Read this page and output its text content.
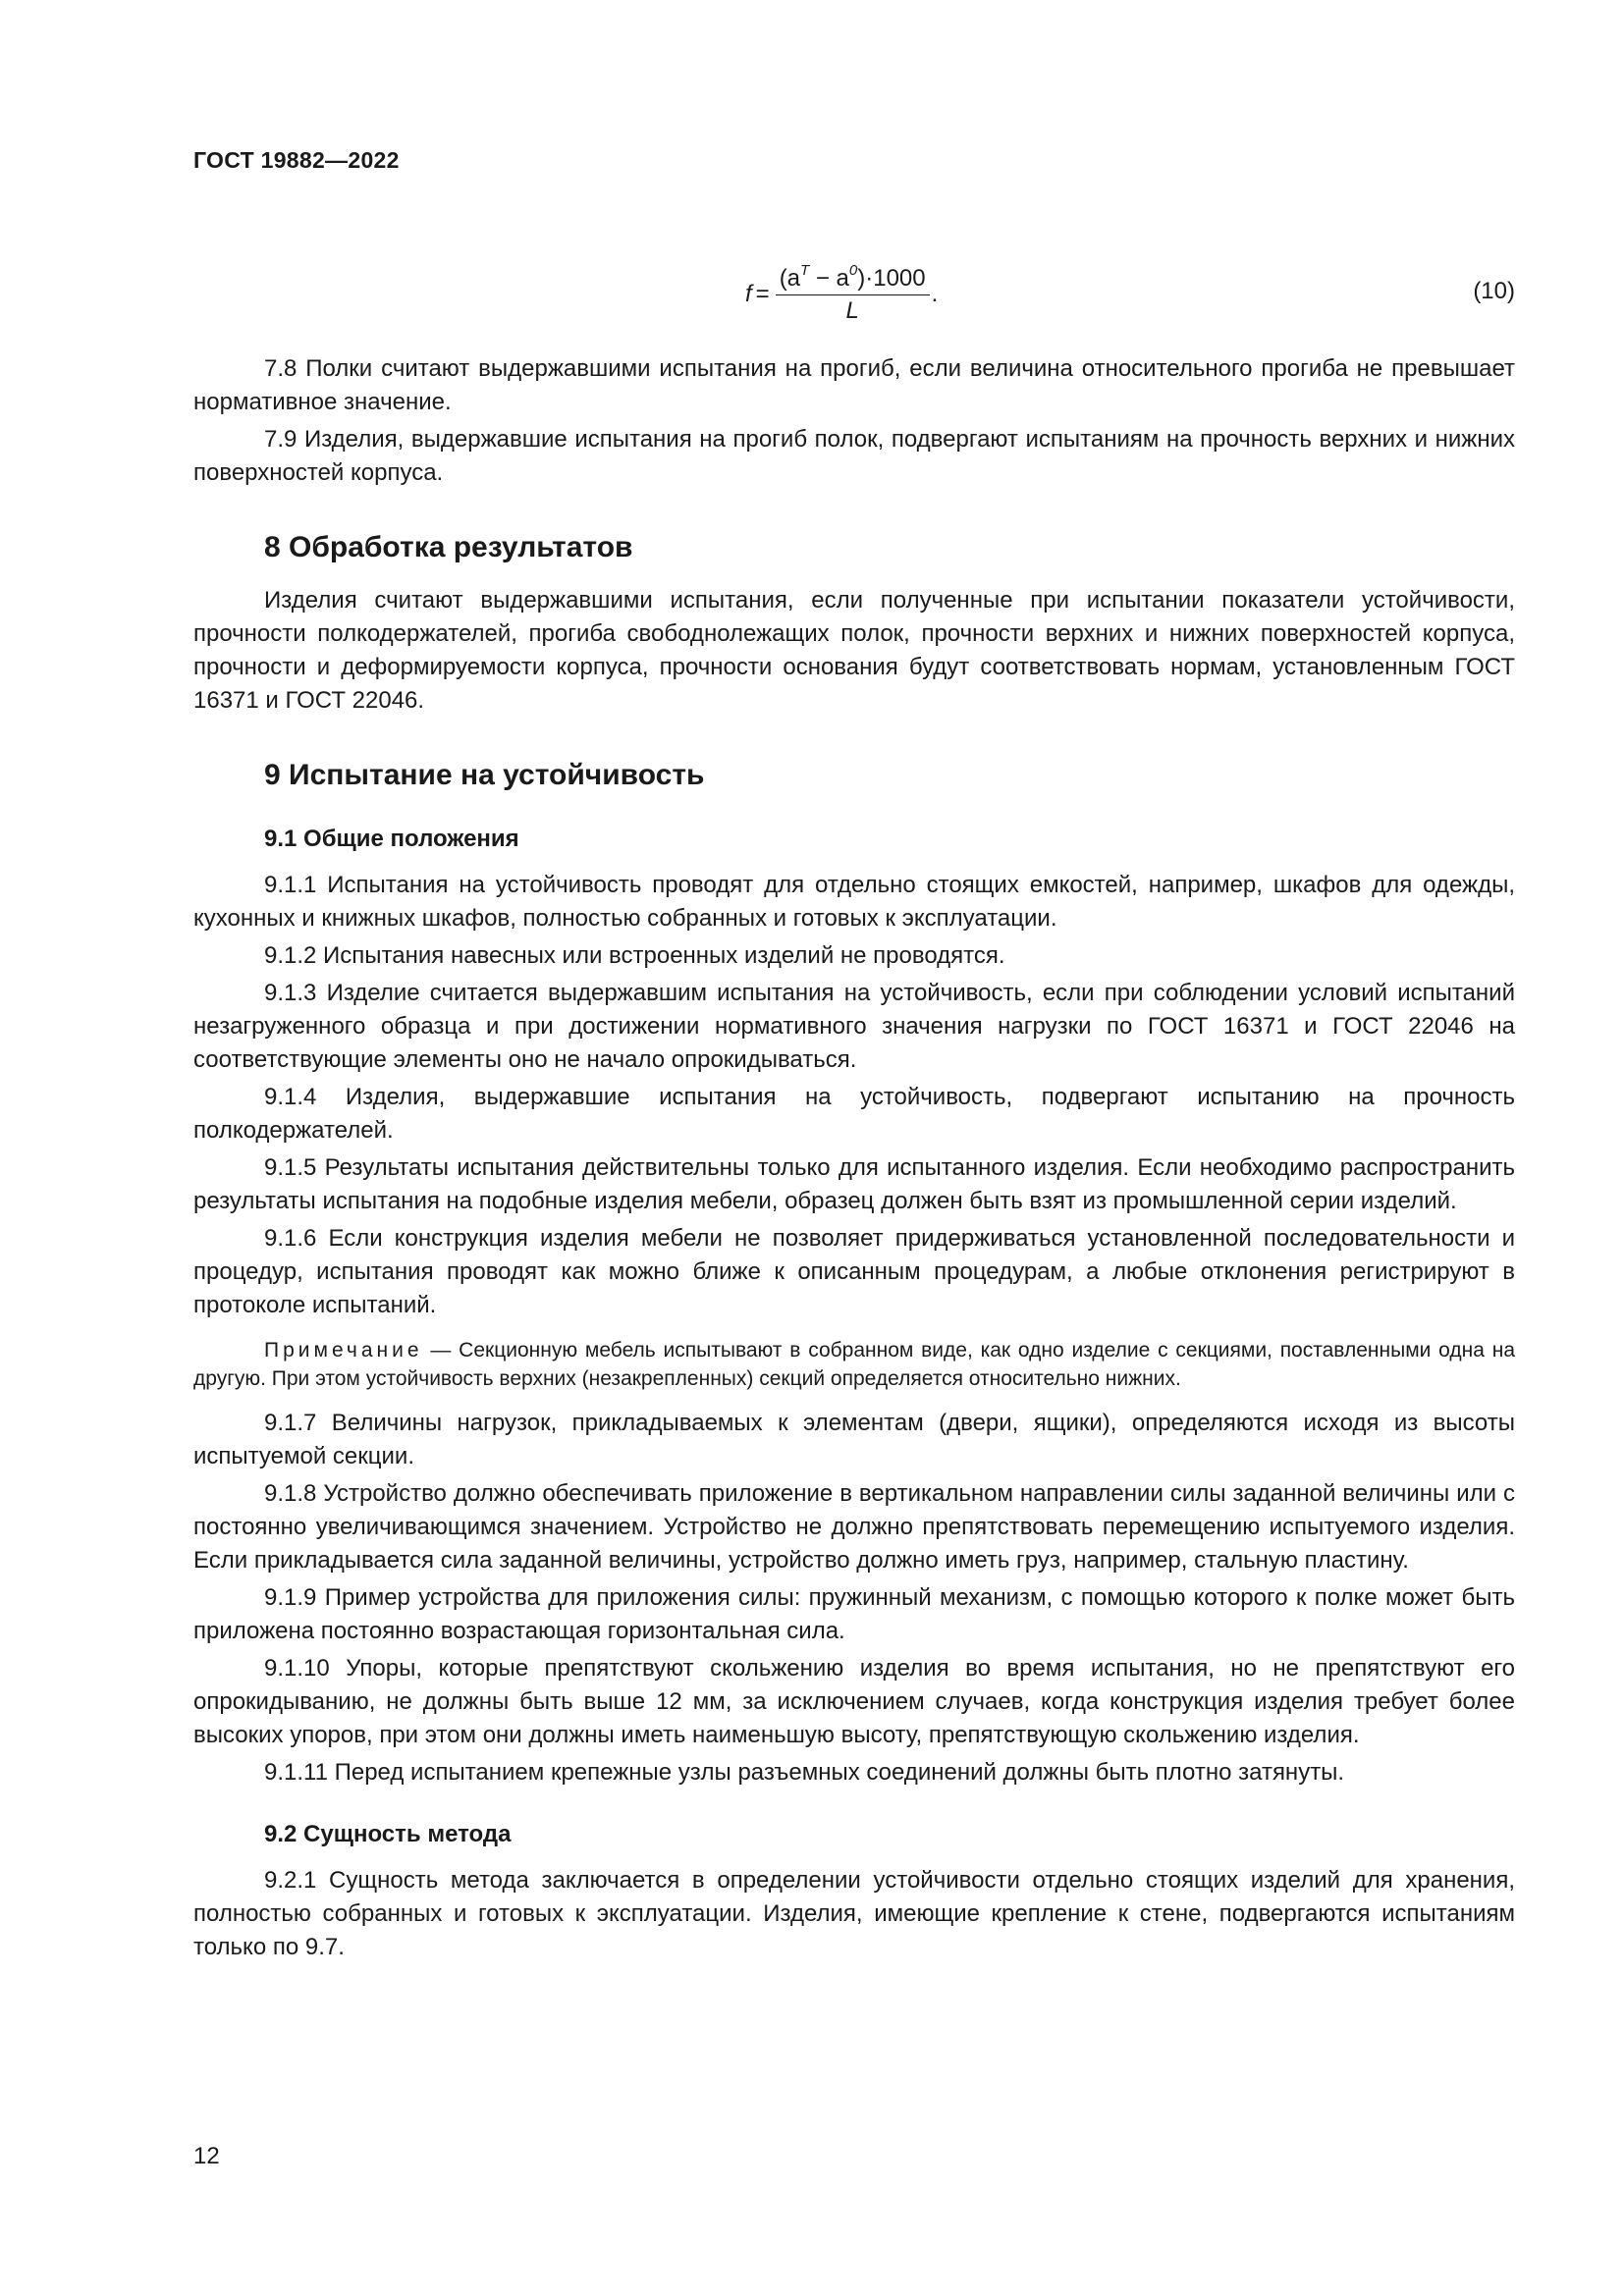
ГОСТ 19882—2022
$f = \frac{(a^T - a^0)\cdot 1000}{L}$ .	(10)

7.8 Полки считают выдержавшими испытания на прогиб, если величина относительного прогиба не превышает нормативное значение.

7.9 Изделия, выдержавшие испытания на прогиб полок, подвергают испытаниям на прочность верхних и нижних поверхностей корпуса.

8 Обработка результатов

Изделия считают выдержавшими испытания, если полученные при испытании показатели устойчивости, прочности полкодержателей, прогиба свободнолежащих полок, прочности верхних и нижних поверхностей корпуса, прочности и деформируемости корпуса, прочности основания будут соответствовать нормам, установленным ГОСТ 16371 и ГОСТ 22046.

9 Испытание на устойчивость
9.1 Общие положения

9.1.1 Испытания на устойчивость проводят для отдельно стоящих емкостей, например, шкафов для одежды, кухонных и книжных шкафов, полностью собранных и готовых к эксплуатации.

9.1.2 Испытания навесных или встроенных изделий не проводятся.

9.1.3 Изделие считается выдержавшим испытания на устойчивость, если при соблюдении условий испытаний незагруженного образца и при достижении нормативного значения нагрузки по ГОСТ 16371 и ГОСТ 22046 на соответствующие элементы оно не начало опрокидываться.

9.1.4 Изделия, выдержавшие испытания на устойчивость, подвергают испытанию на прочность полкодержателей.

9.1.5 Результаты испытания действительны только для испытанного изделия. Если необходимо распространить результаты испытания на подобные изделия мебели, образец должен быть взят из промышленной серии изделий.

9.1.6 Если конструкция изделия мебели не позволяет придерживаться установленной последовательности и процедур, испытания проводят как можно ближе к описанным процедурам, а любые отклонения регистрируют в протоколе испытаний.

Примечание — Секционную мебель испытывают в собранном виде, как одно изделие с секциями, поставленными одна на другую. При этом устойчивость верхних (незакрепленных) секций определяется относительно нижних.

9.1.7 Величины нагрузок, прикладываемых к элементам (двери, ящики), определяются исходя из высоты испытуемой секции.

9.1.8 Устройство должно обеспечивать приложение в вертикальном направлении силы заданной величины или с постоянно увеличивающимся значением. Устройство не должно препятствовать перемещению испытуемого изделия. Если прикладывается сила заданной величины, устройство должно иметь груз, например, стальную пластину.

9.1.9 Пример устройства для приложения силы: пружинный механизм, с помощью которого к полке может быть приложена постоянно возрастающая горизонтальная сила.

9.1.10 Упоры, которые препятствуют скольжению изделия во время испытания, но не препятствуют его опрокидыванию, не должны быть выше 12 мм, за исключением случаев, когда конструкция изделия требует более высоких упоров, при этом они должны иметь наименьшую высоту, препятствующую скольжению изделия.

9.1.11 Перед испытанием крепежные узлы разъемных соединений должны быть плотно затянуты.

9.2 Сущность метода

9.2.1 Сущность метода заключается в определении устойчивости отдельно стоящих изделий для хранения, полностью собранных и готовых к эксплуатации. Изделия, имеющие крепление к стене, подвергаются испытаниям только по 9.7.

12
